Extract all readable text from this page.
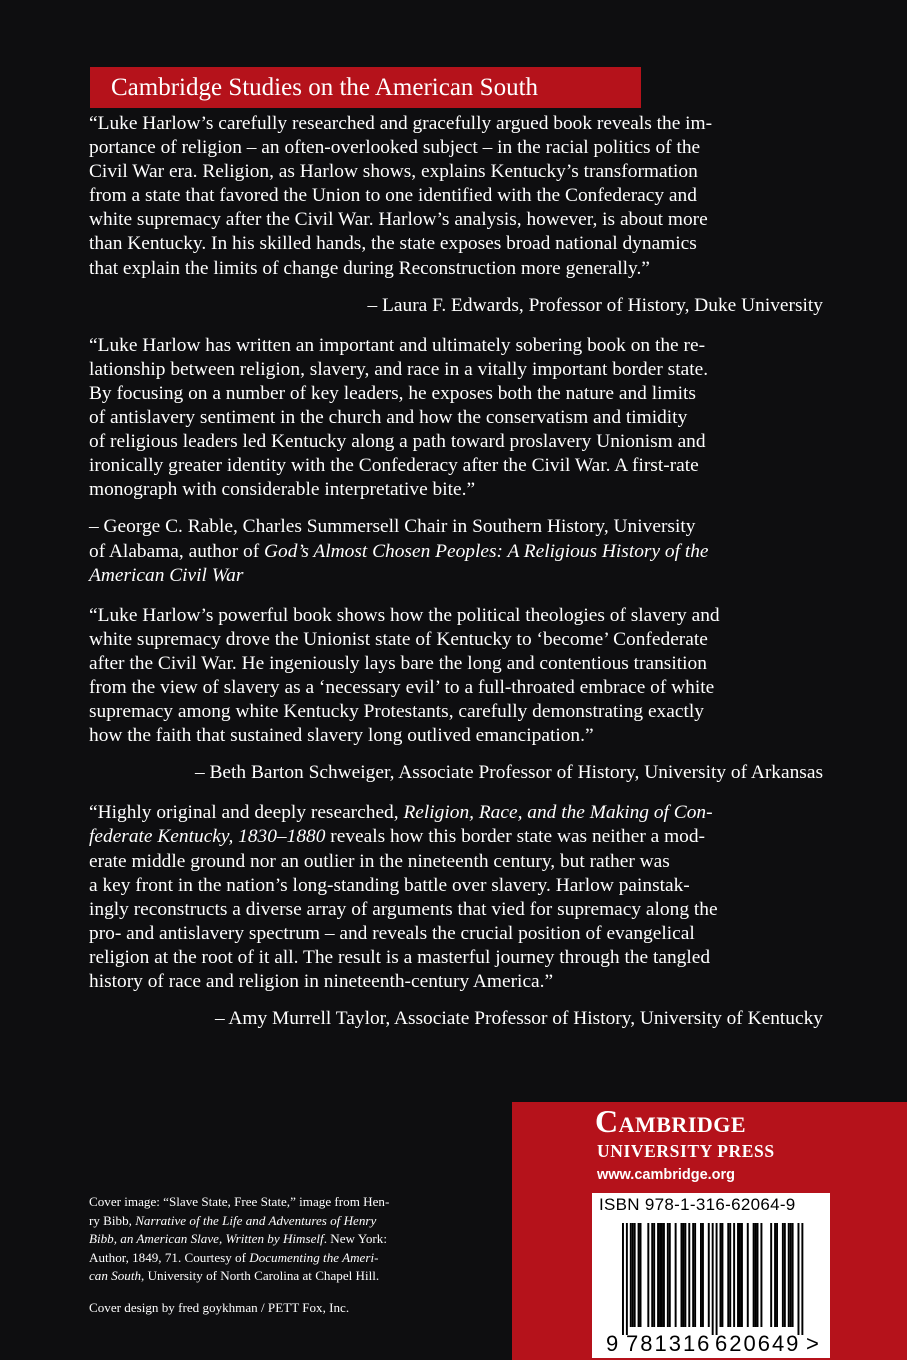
Cambridge Studies on the American South
“Luke Harlow’s carefully researched and gracefully argued book reveals the im-
portance of religion – an often-overlooked subject – in the racial politics of the
Civil War era. Religion, as Harlow shows, explains Kentucky’s transformation
from a state that favored the Union to one identified with the Confederacy and
white supremacy after the Civil War. Harlow’s analysis, however, is about more
than Kentucky. In his skilled hands, the state exposes broad national dynamics
that explain the limits of change during Reconstruction more generally.”
– Laura F. Edwards, Professor of History, Duke University
“Luke Harlow has written an important and ultimately sobering book on the re-
lationship between religion, slavery, and race in a vitally important border state.
By focusing on a number of key leaders, he exposes both the nature and limits
of antislavery sentiment in the church and how the conservatism and timidity
of religious leaders led Kentucky along a path toward proslavery Unionism and
ironically greater identity with the Confederacy after the Civil War. A first-rate
monograph with considerable interpretative bite.”
– George C. Rable, Charles Summersell Chair in Southern History, University
of Alabama, author of God’s Almost Chosen Peoples: A Religious History of the
American Civil War
“Luke Harlow’s powerful book shows how the political theologies of slavery and
white supremacy drove the Unionist state of Kentucky to ‘become’ Confederate
after the Civil War. He ingeniously lays bare the long and contentious transition
from the view of slavery as a ‘necessary evil’ to a full-throated embrace of white
supremacy among white Kentucky Protestants, carefully demonstrating exactly
how the faith that sustained slavery long outlived emancipation.”
– Beth Barton Schweiger, Associate Professor of History, University of Arkansas
“Highly original and deeply researched, Religion, Race, and the Making of Con-
federate Kentucky, 1830–1880 reveals how this border state was neither a mod-
erate middle ground nor an outlier in the nineteenth century, but rather was
a key front in the nation’s long-standing battle over slavery. Harlow painstak-
ingly reconstructs a diverse array of arguments that vied for supremacy along the
pro- and antislavery spectrum – and reveals the crucial position of evangelical
religion at the root of it all. The result is a masterful journey through the tangled
history of race and religion in nineteenth-century America.”
– Amy Murrell Taylor, Associate Professor of History, University of Kentucky
Cover image: “Slave State, Free State,” image from Hen-
ry Bibb, Narrative of the Life and Adventures of Henry
Bibb, an American Slave, Written by Himself. New York:
Author, 1849, 71. Courtesy of Documenting the Ameri-
can South, University of North Carolina at Chapel Hill.
Cover design by fred goykhman / PETT Fox, Inc.
Cambridge
UNIVERSITY PRESS
www.cambridge.org
ISBN 978-1-316-62064-9
9 781316 620649 >
